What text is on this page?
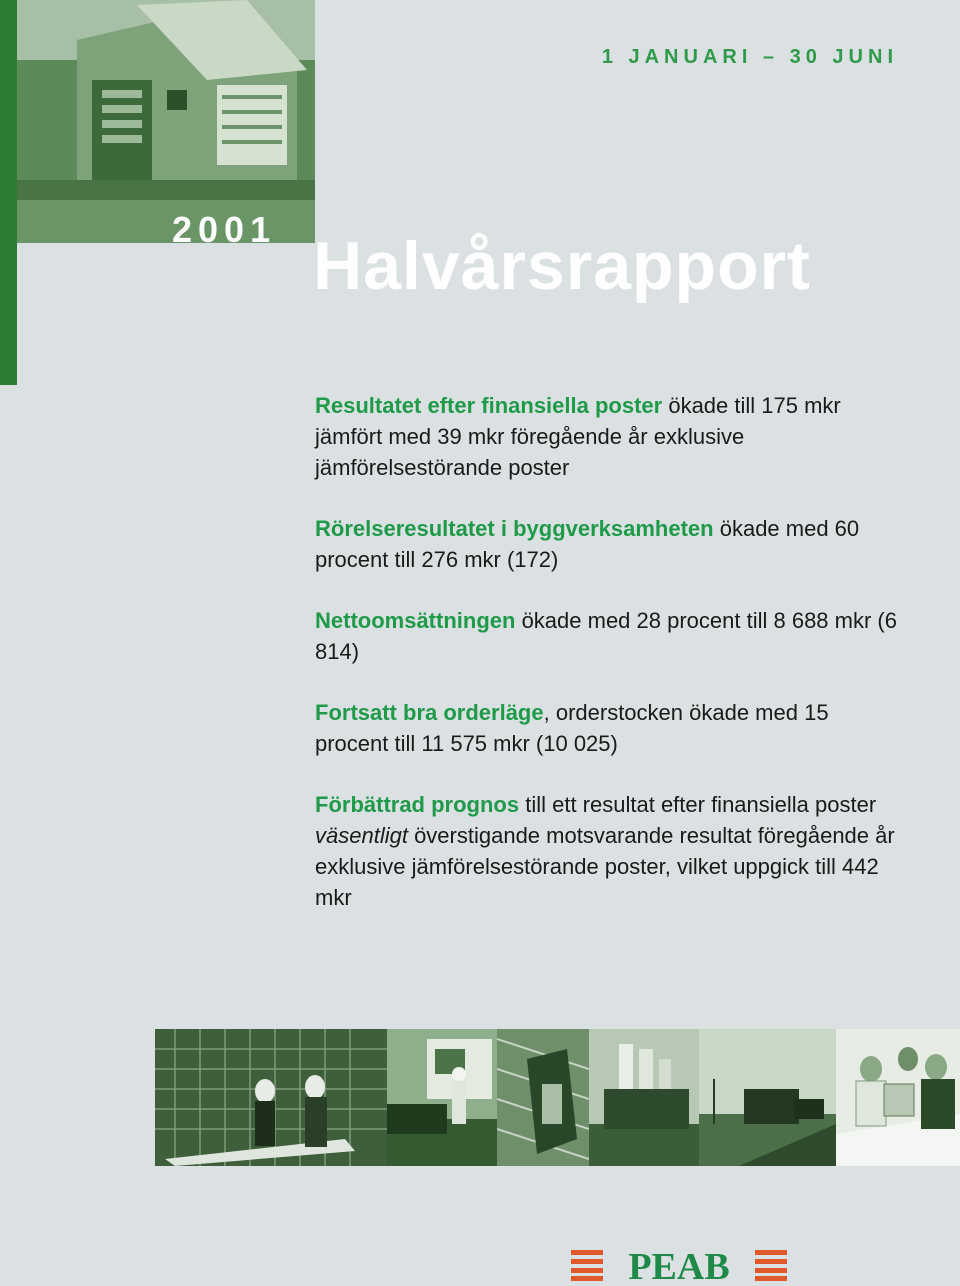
1 JANUARI – 30 JUNI
2001 Halvårsrapport

Resultatet efter finansiella poster ökade till 175 mkr jämfört med 39 mkr föregående år exklusive jämförelsestörande poster

Rörelseresultatet i byggverksamheten ökade med 60 procent till 276 mkr (172)

Nettoomsättningen ökade med 28 procent till 8 688 mkr (6 814)

Fortsatt bra orderläge, orderstocken ökade med 15 procent till 11 575 mkr (10 025)

Förbättrad prognos till ett resultat efter finansiella poster väsentligt överstigande motsvarande resultat föregående år exklusive jämförelsestörande poster, vilket uppgick till 442 mkr

PEAB
